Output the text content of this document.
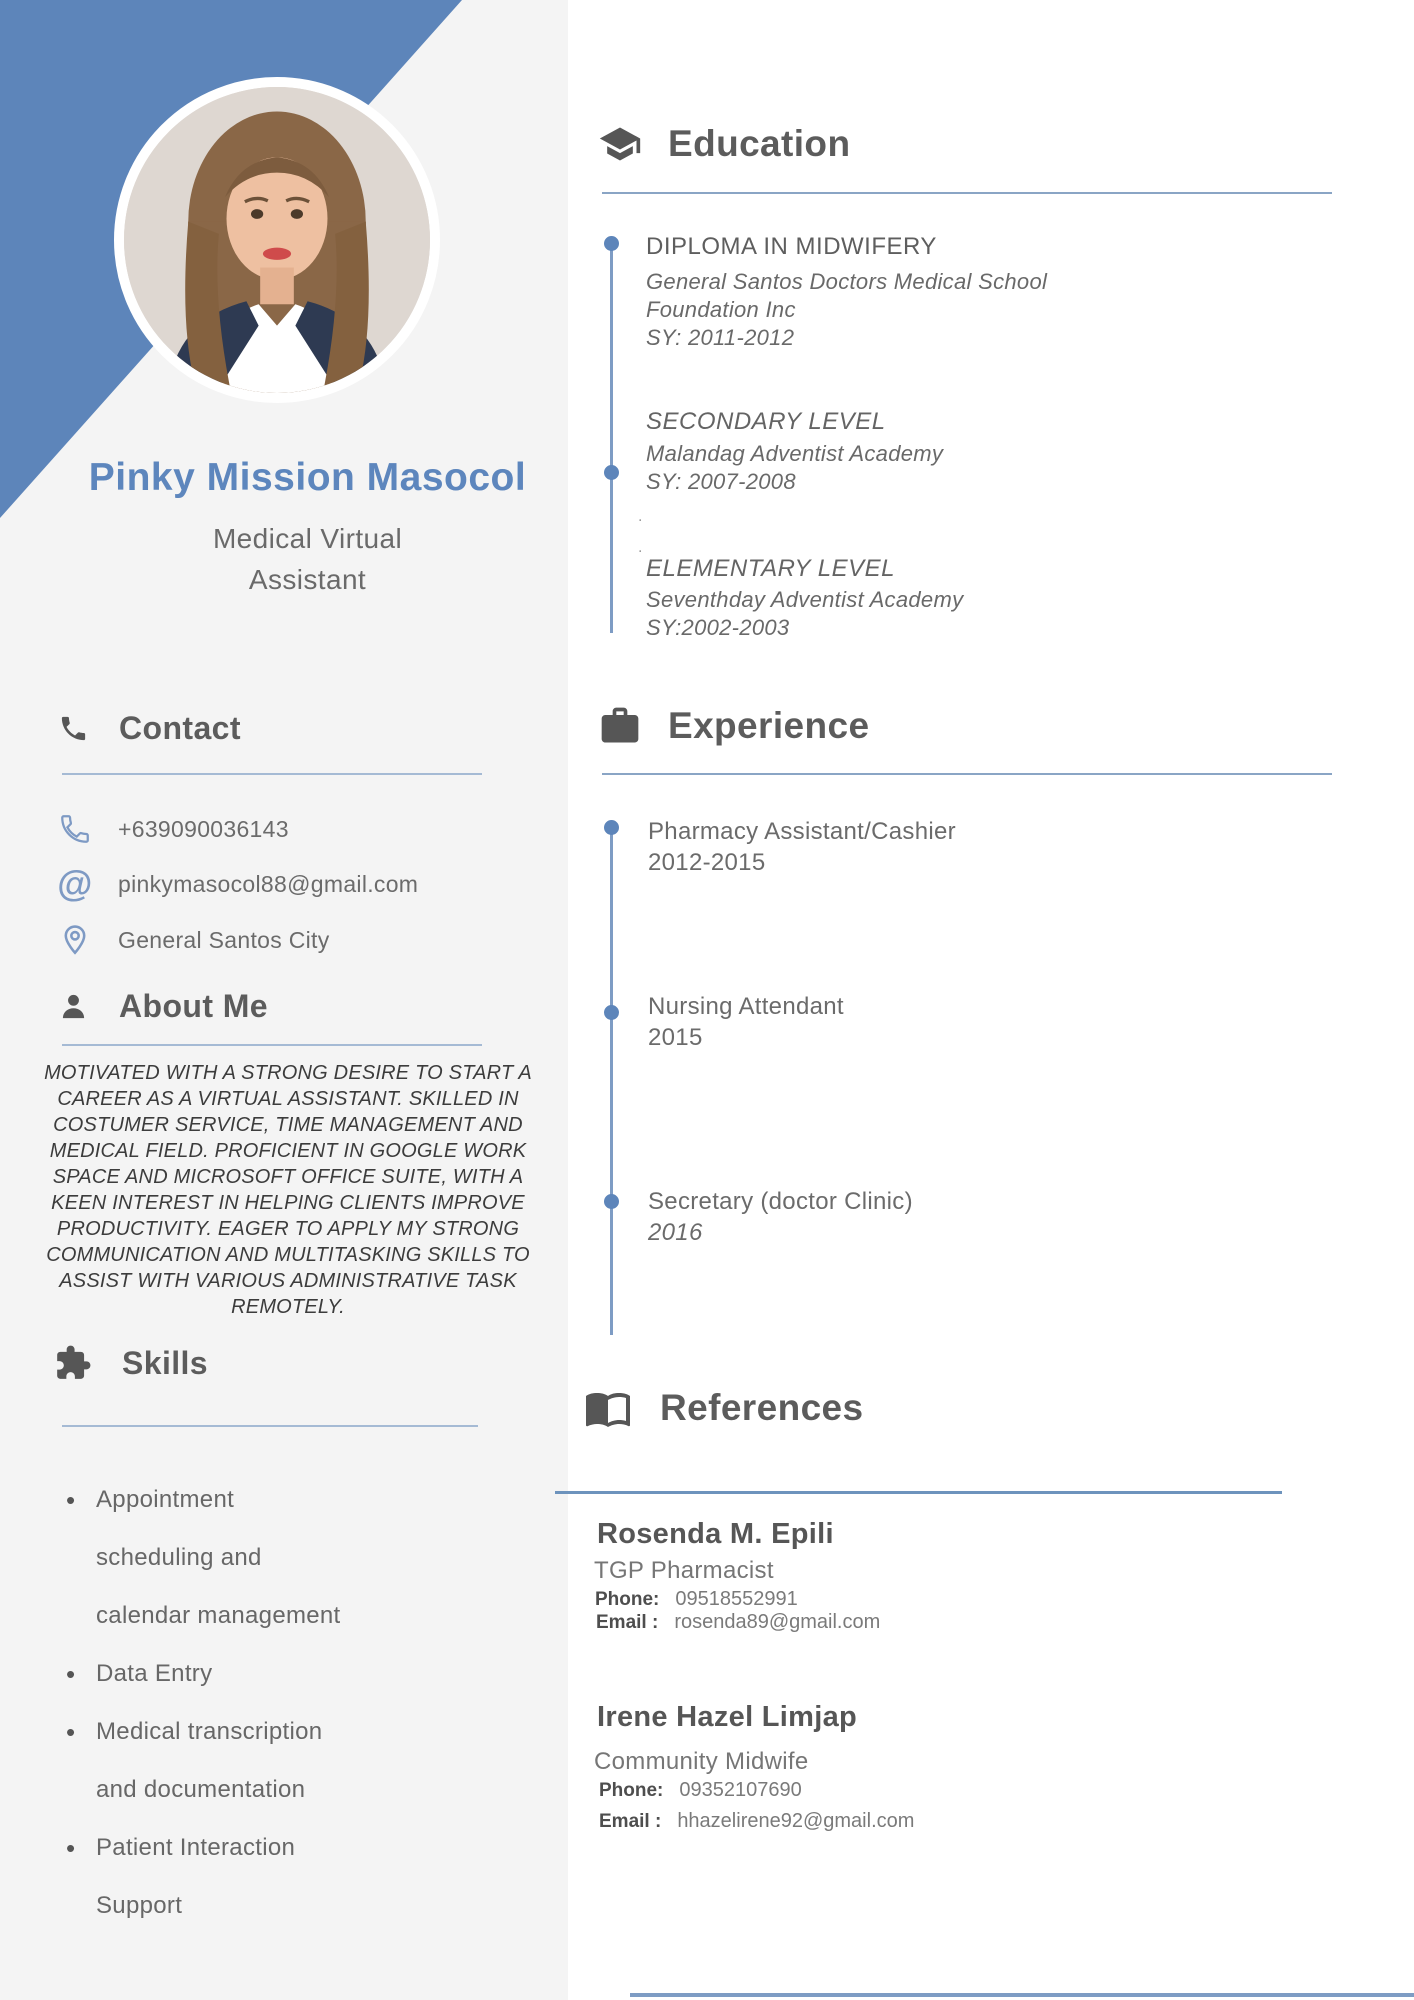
Pinky Mission Masocol
Medical Virtual
Assistant
Contact
+639090036143
@ pinkymasocol88@gmail.com
General Santos City
About Me

MOTIVATED WITH A STRONG DESIRE TO START A CAREER AS A VIRTUAL ASSISTANT. SKILLED IN COSTUMER SERVICE, TIME MANAGEMENT AND MEDICAL FIELD. PROFICIENT IN GOOGLE WORK SPACE AND MICROSOFT OFFICE SUITE, WITH A KEEN INTEREST IN HELPING CLIENTS IMPROVE PRODUCTIVITY. EAGER TO APPLY MY STRONG COMMUNICATION AND MULTITASKING SKILLS TO ASSIST WITH VARIOUS ADMINISTRATIVE TASK REMOTELY.

Skills
• Appointment scheduling and calendar management
• Data Entry
• Medical transcription and documentation
• Patient Interaction Support
Education
DIPLOMA IN MIDWIFERY
General Santos Doctors Medical School
Foundation Inc
SY: 2011-2012
SECONDARY LEVEL
Malandag Adventist Academy
SY: 2007-2008
.
.
ELEMENTARY LEVEL
Seventhday Adventist Academy
SY:2002-2003
Experience
Pharmacy Assistant/Cashier
2012-2015
Nursing Attendant
2015
Secretary (doctor Clinic)
2016
References
Rosenda M. Epili
TGP Pharmacist
Phone: 09518552991
Email : rosenda89@gmail.com
Irene Hazel Limjap
Community Midwife
Phone: 09352107690
Email : hhazelirene92@gmail.com
